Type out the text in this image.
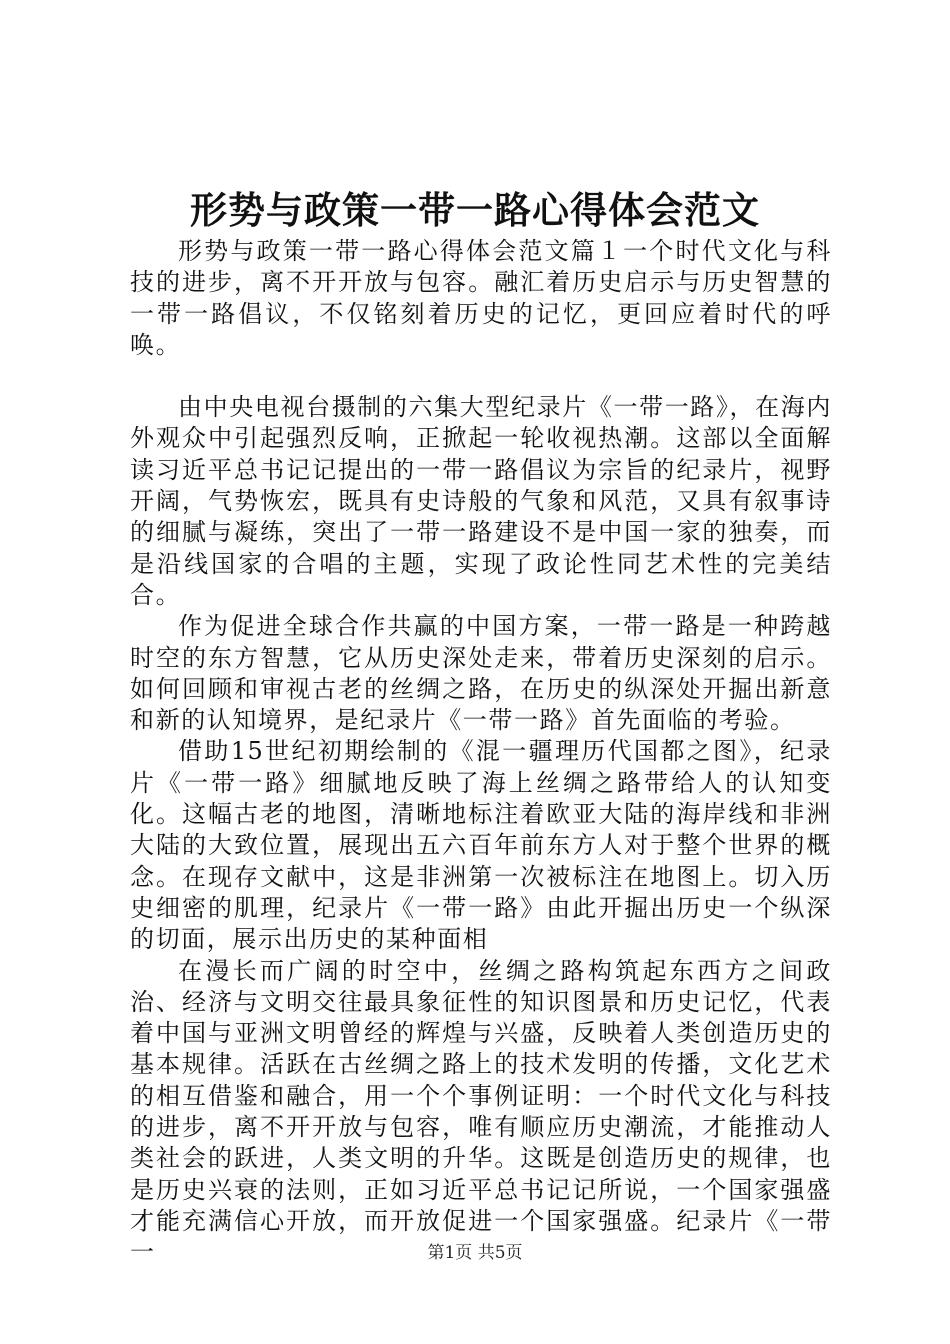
形势与政策一带一路心得体会范文

形势与政策一带一路心得体会范文篇１一个时代文化与科技的进步，离不开开放与包容。融汇着历史启示与历史智慧的一带一路倡议，不仅铭刻着历史的记忆，更回应着时代的呼唤。

由中央电视台摄制的六集大型纪录片《一带一路》，在海内外观众中引起强烈反响，正掀起一轮收视热潮。这部以全面解读习近平总书记记提出的一带一路倡议为宗旨的纪录片，视野开阔，气势恢宏，既具有史诗般的气象和风范，又具有叙事诗的细腻与凝练，突出了一带一路建设不是中国一家的独奏，而是沿线国家的合唱的主题，实现了政论性同艺术性的完美结合。

作为促进全球合作共赢的中国方案，一带一路是一种跨越时空的东方智慧，它从历史深处走来，带着历史深刻的启示。如何回顾和审视古老的丝绸之路，在历史的纵深处开掘出新意和新的认知境界，是纪录片《一带一路》首先面临的考验。

借助15世纪初期绘制的《混一疆理历代国都之图》，纪录片《一带一路》细腻地反映了海上丝绸之路带给人的认知变化。这幅古老的地图，清晰地标注着欧亚大陆的海岸线和非洲大陆的大致位置，展现出五六百年前东方人对于整个世界的概念。在现存文献中，这是非洲第一次被标注在地图上。切入历史细密的肌理，纪录片《一带一路》由此开掘出历史一个纵深的切面，展示出历史的某种面相

在漫长而广阔的时空中，丝绸之路构筑起东西方之间政治、经济与文明交往最具象征性的知识图景和历史记忆，代表着中国与亚洲文明曾经的辉煌与兴盛，反映着人类创造历史的基本规律。活跃在古丝绸之路上的技术发明的传播，文化艺术的相互借鉴和融合，用一个个事例证明：一个时代文化与科技的进步，离不开开放与包容，唯有顺应历史潮流，才能推动人类社会的跃进，人类文明的升华。这既是创造历史的规律，也是历史兴衰的法则，正如习近平总书记记所说，一个国家强盛才能充满信心开放，而开放促进一个国家强盛。纪录片《一带一	第1页 共5页
